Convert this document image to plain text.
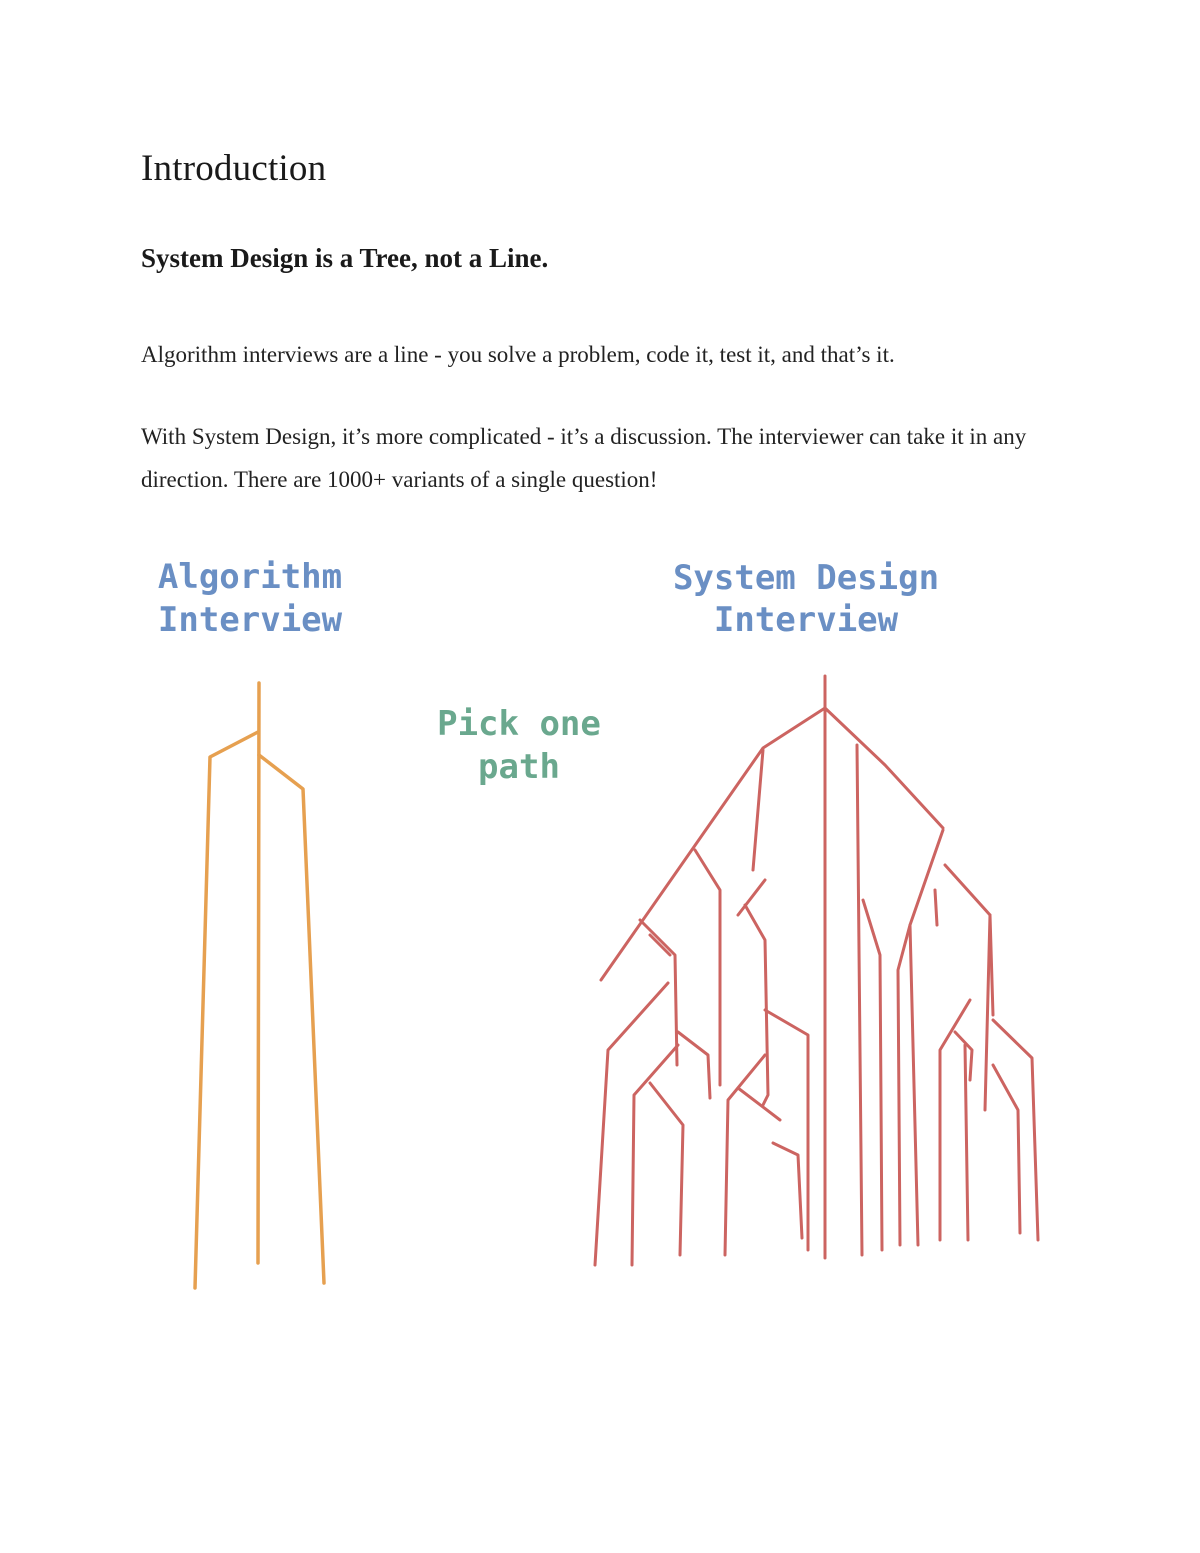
Introduction
System Design is a Tree, not a Line.

Algorithm interviews are a line - you solve a problem, code it, test it, and that’s it.

With System Design, it’s more complicated - it’s a discussion. The interviewer can take it in any direction. There are 1000+ variants of a single question!

Algorithm
Interview
Pick one
path
System Design
Interview
